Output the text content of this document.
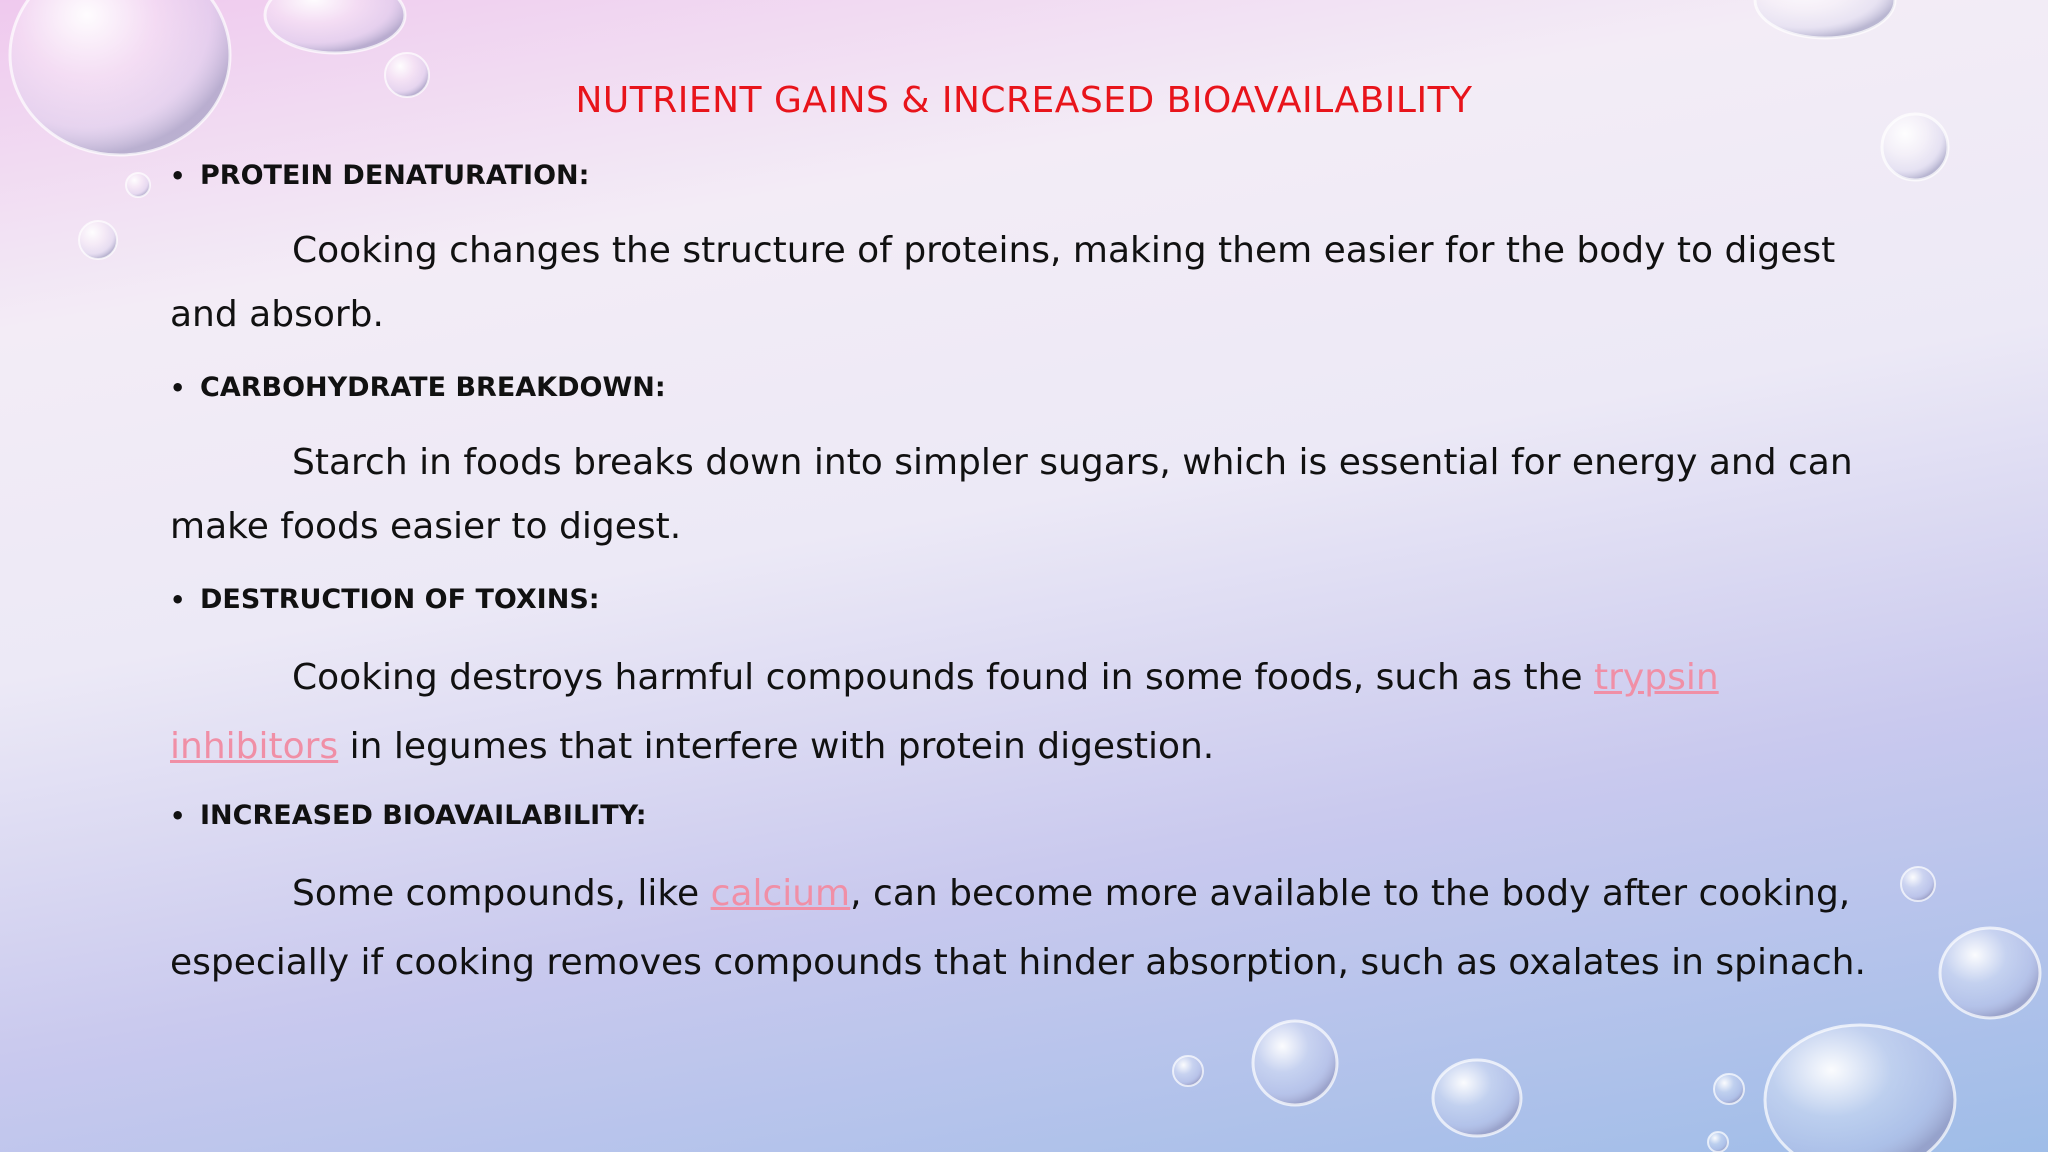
NUTRIENT GAINS & INCREASED BIOAVAILABILITY

• PROTEIN DENATURATION:

Cooking changes the structure of proteins, making them easier for the body to digest and absorb.

• CARBOHYDRATE BREAKDOWN:

Starch in foods breaks down into simpler sugars, which is essential for energy and can make foods easier to digest.

• DESTRUCTION OF TOXINS:

Cooking destroys harmful compounds found in some foods, such as the trypsin inhibitors in legumes that interfere with protein digestion.

• INCREASED BIOAVAILABILITY:

Some compounds, like calcium, can become more available to the body after cooking, especially if cooking removes compounds that hinder absorption, such as oxalates in spinach.
